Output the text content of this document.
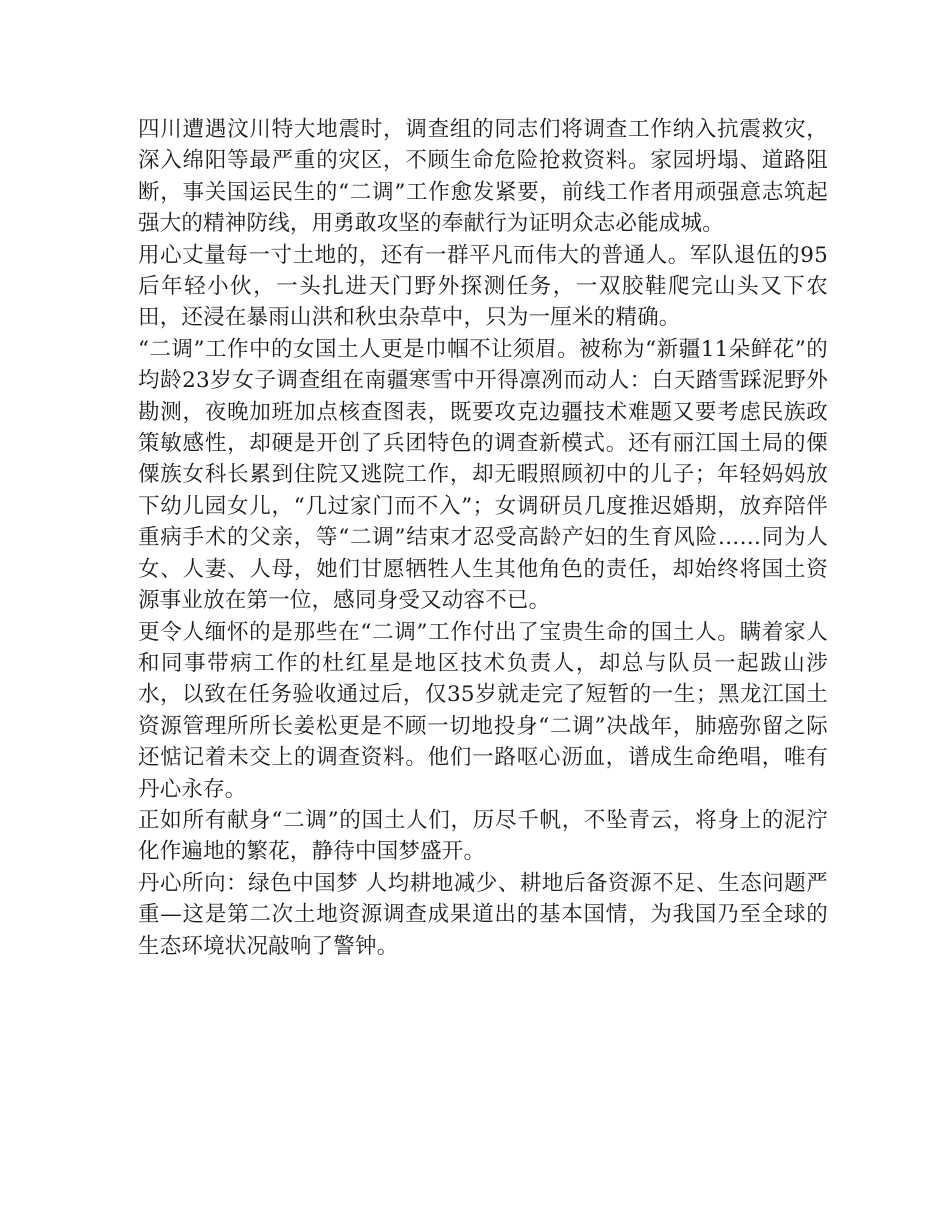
四川遭遇汶川特大地震时，调查组的同志们将调查工作纳入抗震救灾，深入绵阳等最严重的灾区，不顾生命危险抢救资料。家园坍塌、道路阻断，事关国运民生的“二调”工作愈发紧要，前线工作者用顽强意志筑起强大的精神防线，用勇敢攻坚的奉献行为证明众志必能成城。

用心丈量每一寸土地的，还有一群平凡而伟大的普通人。军队退伍的95后年轻小伙，一头扎进天门野外探测任务，一双胶鞋爬完山头又下农田，还浸在暴雨山洪和秋虫杂草中，只为一厘米的精确。

“二调”工作中的女国土人更是巾帼不让须眉。被称为“新疆11朵鲜花”的均龄23岁女子调查组在南疆寒雪中开得凛冽而动人：白天踏雪踩泥野外勘测，夜晚加班加点核查图表，既要攻克边疆技术难题又要考虑民族政策敏感性，却硬是开创了兵团特色的调查新模式。还有丽江国土局的傈僳族女科长累到住院又逃院工作，却无暇照顾初中的儿子；年轻妈妈放下幼儿园女儿，“几过家门而不入”；女调研员几度推迟婚期，放弃陪伴重病手术的父亲，等“二调”结束才忍受高龄产妇的生育风险……同为人女、人妻、人母，她们甘愿牺牲人生其他角色的责任，却始终将国土资源事业放在第一位，感同身受又动容不已。

更令人缅怀的是那些在“二调”工作付出了宝贵生命的国土人。瞒着家人和同事带病工作的杜红星是地区技术负责人，却总与队员一起跋山涉水，以致在任务验收通过后，仅35岁就走完了短暂的一生；黑龙江国土资源管理所所长姜松更是不顾一切地投身“二调”决战年，肺癌弥留之际还惦记着未交上的调查资料。他们一路呕心沥血，谱成生命绝唱，唯有丹心永存。

正如所有献身“二调”的国土人们，历尽千帆，不坠青云，将身上的泥泞化作遍地的繁花，静待中国梦盛开。

丹心所向：绿色中国梦 人均耕地减少、耕地后备资源不足、生态问题严重—这是第二次土地资源调查成果道出的基本国情，为我国乃至全球的生态环境状况敲响了警钟。
